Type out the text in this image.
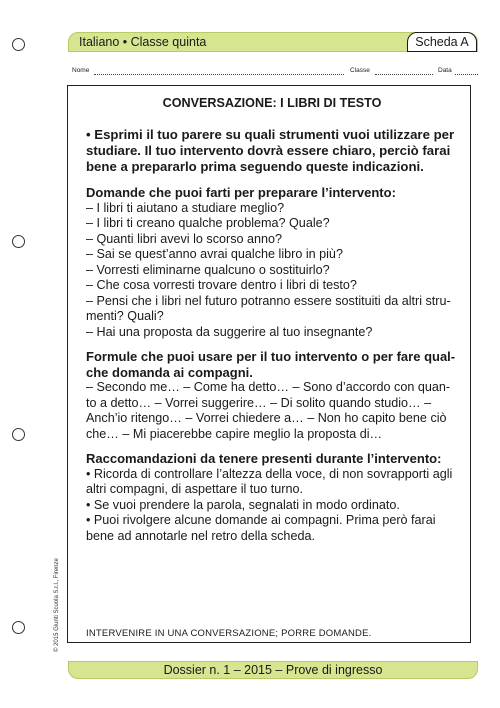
Italiano • Classe quinta	Scheda A
Nome	Classe	Data

CONVERSAZIONE: I LIBRI DI TESTO

• Esprimi il tuo parere su quali strumenti vuoi utilizzare per

studiare. Il tuo intervento dovrà essere chiaro, perciò farai

bene a prepararlo prima seguendo queste indicazioni.

Domande che puoi farti per preparare l’intervento:

– I libri ti aiutano a studiare meglio?

– I libri ti creano qualche problema? Quale?

– Quanti libri avevi lo scorso anno?

– Sai se quest’anno avrai qualche libro in più?

– Vorresti eliminarne qualcuno o sostituirlo?

– Che cosa vorresti trovare dentro i libri di testo?

– Pensi che i libri nel futuro potranno essere sostituiti da altri stru-

menti? Quali?

– Hai una proposta da suggerire al tuo insegnante?

Formule che puoi usare per il tuo intervento o per fare qual-

che domanda ai compagni.

– Secondo me… – Come ha detto… – Sono d’accordo con quan-

to a detto… – Vorrei suggerire… – Di solito quando studio… –

Anch’io ritengo… – Vorrei chiedere a… – Non ho capito bene ciò

che… – Mi piacerebbe capire meglio la proposta di…

Raccomandazioni da tenere presenti durante l’intervento:

• Ricorda di controllare l’altezza della voce, di non sovrapporti agli

altri compagni, di aspettare il tuo turno.

• Se vuoi prendere la parola, segnalati in modo ordinato.

• Puoi rivolgere alcune domande ai compagni. Prima però farai

bene ad annotarle nel retro della scheda.

INTERVENIRE IN UNA CONVERSAZIONE; PORRE DOMANDE.
© 2015 Giunti Scuola S.r.l., Firenze
Dossier n. 1 – 2015 – Prove di ingresso
